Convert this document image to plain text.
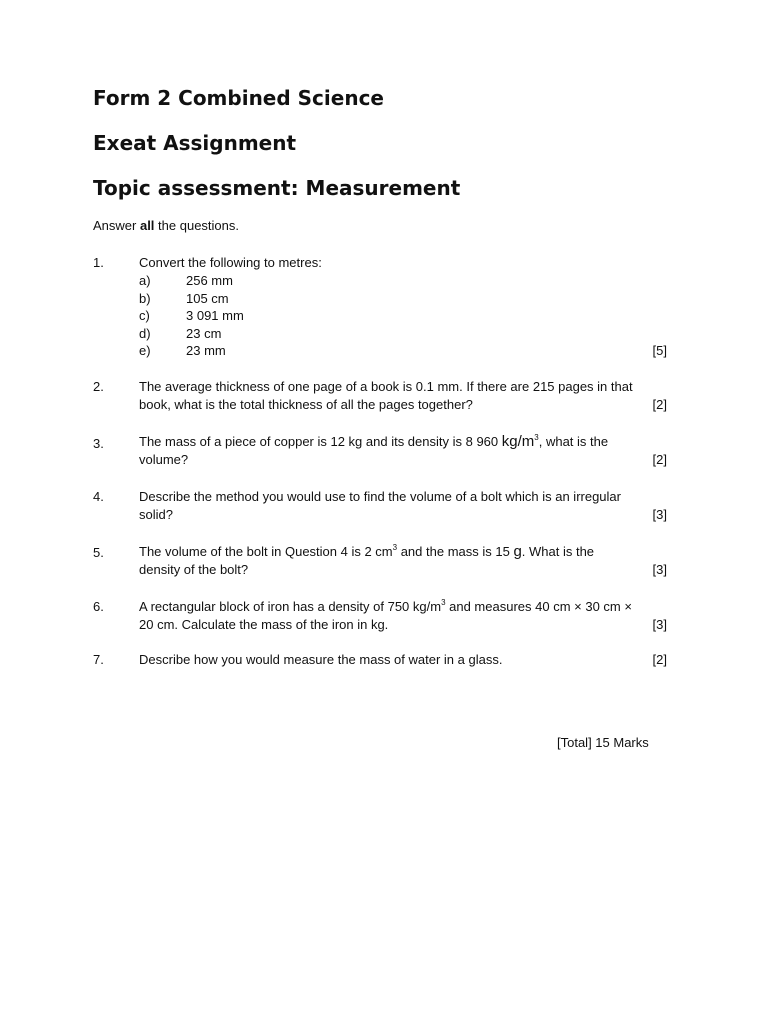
Form 2 Combined Science
Exeat Assignment
Topic assessment: Measurement
Answer all the questions.
1.	Convert the following to metres:
a)	256 mm
b)	105 cm
c)	3 091 mm
d)	23 cm
e)	23 mm	[5]
2.	The average thickness of one page of a book is 0.1 mm. If there are 215 pages in that
book, what is the total thickness of all the pages together?	[2]
3.	The mass of a piece of copper is 12 kg and its density is 8 960 $kg/m^3$, what is the
volume?	[2]
4.	Describe the method you would use to find the volume of a bolt which is an irregular
solid?	[3]
5.	The volume of the bolt in Question 4 is 2 $cm^3$ and the mass is 15 g. What is the
density of the bolt?	[3]
6.	A rectangular block of iron has a density of 750 $kg/m^3$ and measures 40 cm × 30 cm ×
20 cm. Calculate the mass of the iron in kg.	[3]
7.	Describe how you would measure the mass of water in a glass.	[2]
[Total] 15 Marks
